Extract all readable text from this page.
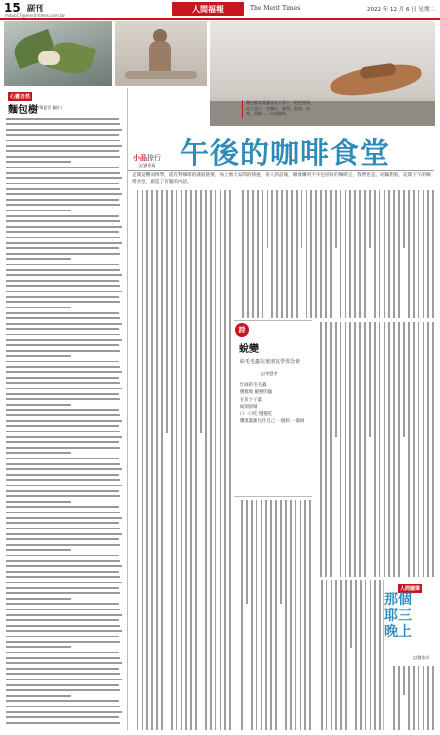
15 副刊
mituo17@merit-times.com.tw
人間福報	The Merit Times	2022 年 12 月 6 日 星期二
麵包樹落葉擺設成天際下一把把捲曲、成大或小、有橢紅、綠黃、泰黃、赤褐、墨綠……亦深綠秋。
心靈自然
麵包樹
文/筆夏雲 圖/口
小品掠行
文/劉更萬 午後的咖啡食堂
走開這難而博學，還有對咖啡的謎般熱情，加上擅天安間的情速，客人到訪後，總會購買不少包括好的咖啡豆，我們也是。而隨想般，這間下午的咖啡食堂，創造了有趣的內語。
詩
蛻變
給毛毛蟲兒童朋友學習念會
文/李慧孝
忙碌的毛毛蟲
優雅地 蛻變的蟲
在於下子葉
綻開晨晴
口一口吃 慢慢吃
鑽進葉脈包住自己 一個洞 一個洞
人間隨筆
那個耶三晚上
文/劉家芳
